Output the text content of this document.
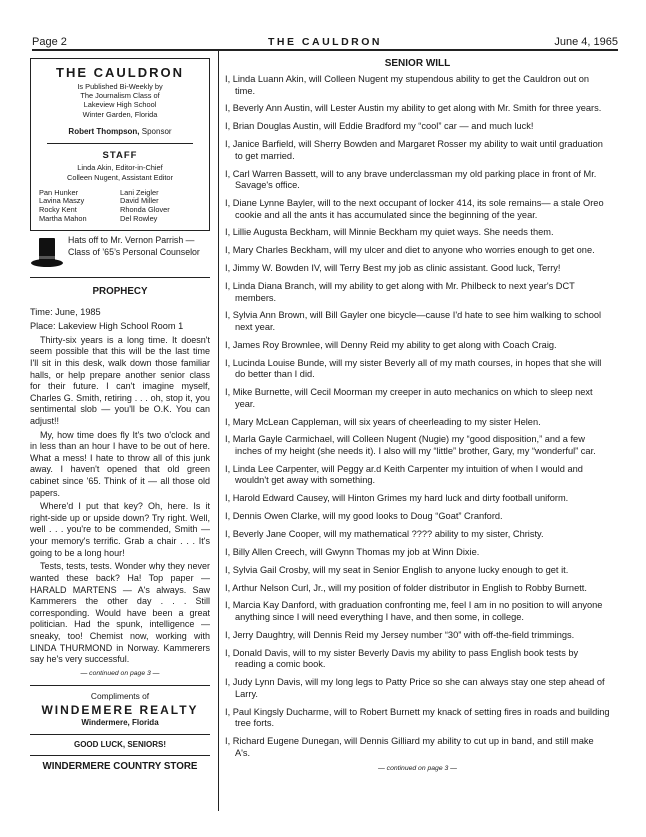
Page 2	THE CAULDRON	June 4, 1965
THE CAULDRON
Is Published Bi-Weekly by
The Journalism Class of
Lakeview High School
Winter Garden, Florida
Robert Thompson, Sponsor
STAFF
Linda Akin, Editor-in-Chief
Colleen Nugent, Assistant Editor
Pan Hunker	Lani Zeigler
Lavina Maszy	David Miller
Rocky Kent	Rhonda Glover
Martha Mahon	Del Rowley
Hats off to Mr. Vernon Parrish — Class of ’65’s Personal Counselor
PROPHECY
Time: June, 1985
Place: Lakeview High School Room 1

Thirty-six years is a long time. It doesn't seem possible that this will be the last time I'll sit in this desk, walk down those familiar halls, or help prepare another senior class for their future. I can't imagine myself, Charles G. Smith, retiring . . . oh, stop it, you sentimental slob — you'll be O.K. You can adjust!!

My, how time does fly It's two o'clock and in less than an hour I have to be out of here. What a mess! I hate to throw all of this junk away. I haven't opened that old green cabinet since '65. Think of it — all those old papers.

Where'd I put that key? Oh, here. Is it right-side up or upside down? Try right. Well, well . . . you're to be commended, Smith — your memory's terrific. Grab a chair . . . It's going to be a long hour!

Tests, tests, tests. Wonder why they never wanted these back? Ha! Top paper — HARALD MARTENS — A's always. Saw Kammerers the other day . . . Still corresponding. Would have been a great politician. Had the spunk, intelligence — sneaky, too! Chemist now, working with LINDA THURMOND in Norway. Kammerers say he's very successful.

— continued on page 3 —
Compliments of
WINDEMERE REALTY
Windermere, Florida
GOOD LUCK, SENIORS!
WINDERMERE COUNTRY STORE
SENIOR WILL

I, Linda Luann Akin, will Colleen Nugent my stupendous ability to get the Cauldron out on time.

I, Beverly Ann Austin, will Lester Austin my ability to get along with Mr. Smith for three years.

I, Brian Douglas Austin, will Eddie Bradford my “cool” car — and much luck!

I, Janice Barfield, will Sherry Bowden and Margaret Rosser my ability to wait until graduation to get married.

I, Carl Warren Bassett, will to any brave underclassman my old parking place in front of Mr. Savage's office.

I, Diane Lynne Bayler, will to the next occupant of locker 414, its sole remains— a stale Oreo cookie and all the ants it has accumulated since the beginning of the year.

I, Lillie Augusta Beckham, will Minnie Beckham my quiet ways. She needs them.

I, Mary Charles Beckham, will my ulcer and diet to anyone who worries enough to get one.

I, Jimmy W. Bowden IV, will Terry Best my job as clinic assistant. Good luck, Terry!

I, Linda Diana Branch, will my ability to get along with Mr. Philbeck to next year's DCT members.

I, Sylvia Ann Brown, will Bill Gayler one bicycle—cause I'd hate to see him walking to school next year.

I, James Roy Brownlee, will Denny Reid my ability to get along with Coach Craig.

I, Lucinda Louise Bunde, will my sister Beverly all of my math courses, in hopes that she will do better than I did.

I, Mike Burnette, will Cecil Moorman my creeper in auto mechanics on which to sleep next year.

I, Mary McLean Cappleman, will six years of cheerleading to my sister Helen.

I, Marla Gayle Carmichael, will Colleen Nugent (Nugie) my “good disposition,” and a few inches of my height (she needs it). I also will my “little” brother, Gary, my “wonderful” car.

I, Linda Lee Carpenter, will Peggy ar.d Keith Carpenter my intuition of when I would and wouldn't get away with something.

I, Harold Edward Causey, will Hinton Grimes my hard luck and dirty football uniform.

I, Dennis Owen Clarke, will my good looks to Doug “Goat” Cranford.

I, Beverly Jane Cooper, will my mathematical ???? ability to my sister, Christy.

I, Billy Allen Creech, will Gwynn Thomas my job at Winn Dixie.

I, Sylvia Gail Crosby, will my seat in Senior English to anyone lucky enough to get it.

I, Arthur Nelson Curl, Jr., will my position of folder distributor in English to Robby Burnett.

I, Marcia Kay Danford, with graduation confronting me, feel I am in no position to will anyone anything since I will need everything I have, and then some, in college.

I, Jerry Daughtry, will Dennis Reid my Jersey number “30” with off-the-field trimmings.

I, Donald Davis, will to my sister Beverly Davis my ability to pass English book tests by reading a comic book.

I, Judy Lynn Davis, will my long legs to Patty Price so she can always stay one step ahead of Larry.

I, Paul Kingsly Ducharme, will to Robert Burnett my knack of setting fires in roads and building tree forts.

I, Richard Eugene Dunegan, will Dennis Gilliard my ability to cut up in band, and still make A's.

— continued on page 3 —
